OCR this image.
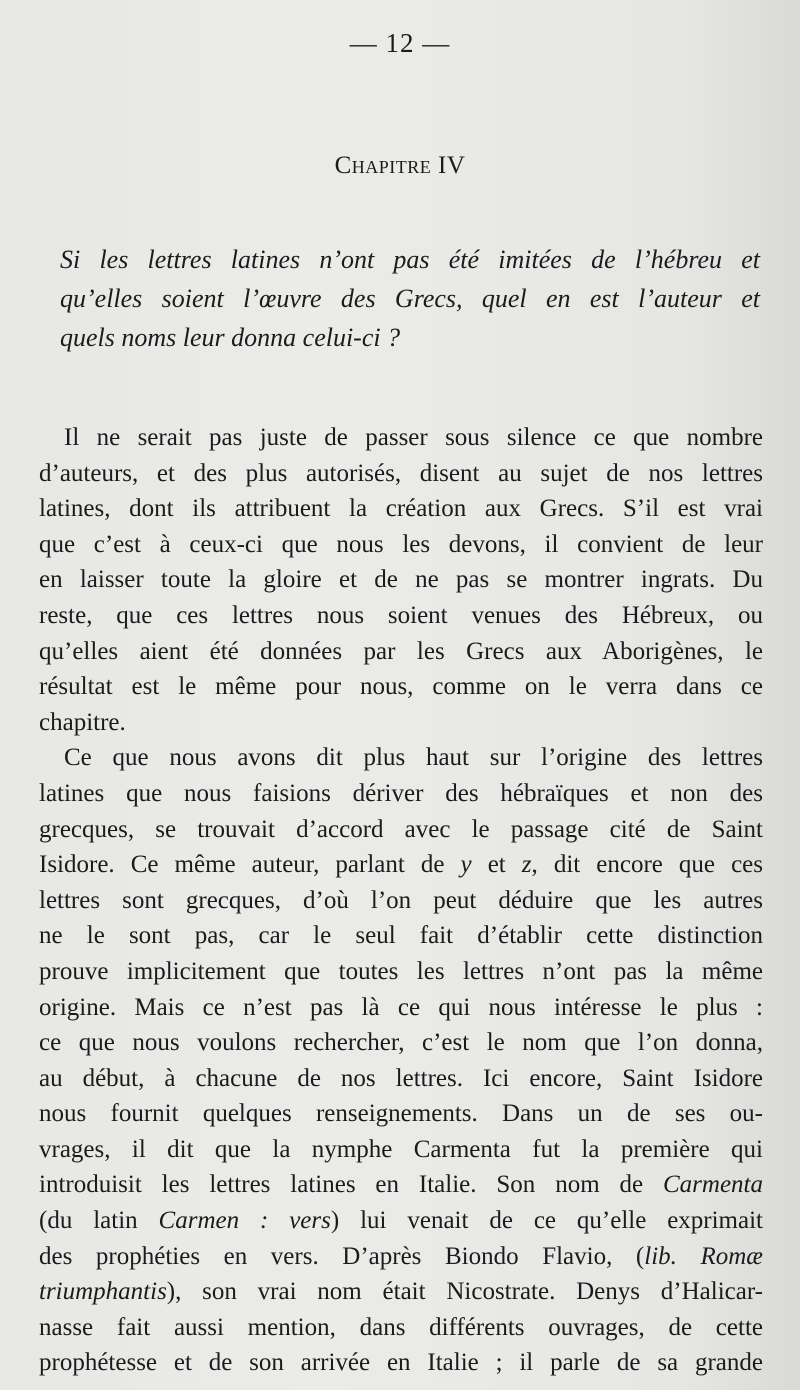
— 12 —
Chapitre IV
Si les lettres latines n’ont pas été imitées de l’hébreu et
qu’elles soient l’œuvre des Grecs, quel en est l’auteur et
quels noms leur donna celui-ci ?
Il ne serait pas juste de passer sous silence ce que nombre
d’auteurs, et des plus autorisés, disent au sujet de nos lettres
latines, dont ils attribuent la création aux Grecs. S’il est vrai
que c’est à ceux-ci que nous les devons, il convient de leur
en laisser toute la gloire et de ne pas se montrer ingrats. Du
reste, que ces lettres nous soient venues des Hébreux, ou
qu’elles aient été données par les Grecs aux Aborigènes, le
résultat est le même pour nous, comme on le verra dans ce
chapitre.
Ce que nous avons dit plus haut sur l’origine des lettres
latines que nous faisions dériver des hébraïques et non des
grecques, se trouvait d’accord avec le passage cité de Saint
Isidore. Ce même auteur, parlant de y et z, dit encore que ces
lettres sont grecques, d’où l’on peut déduire que les autres
ne le sont pas, car le seul fait d’établir cette distinction
prouve implicitement que toutes les lettres n’ont pas la même
origine. Mais ce n’est pas là ce qui nous intéresse le plus :
ce que nous voulons rechercher, c’est le nom que l’on donna,
au début, à chacune de nos lettres. Ici encore, Saint Isidore
nous fournit quelques renseignements. Dans un de ses ou-
vrages, il dit que la nymphe Carmenta fut la première qui
introduisit les lettres latines en Italie. Son nom de Carmenta
(du latin Carmen : vers) lui venait de ce qu’elle exprimait
des prophéties en vers. D’après Biondo Flavio, (lib. Romæ
triumphantis), son vrai nom était Nicostrate. Denys d’Halicar-
nasse fait aussi mention, dans différents ouvrages, de cette
prophétesse et de son arrivée en Italie ; il parle de sa grande
